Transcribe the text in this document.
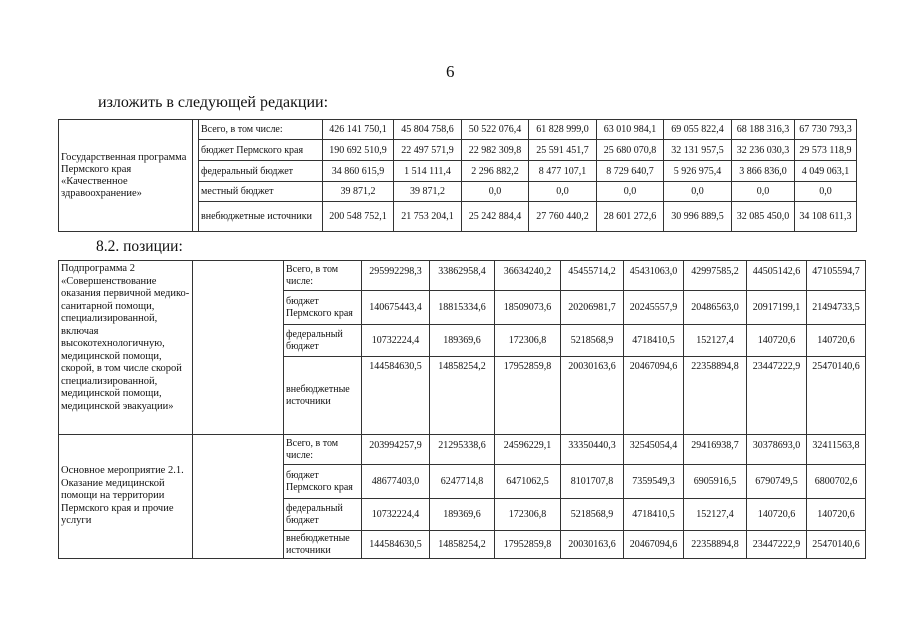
6
изложить в следующей редакции:
Государственная программа Пермского края «Качественное здравоохранение»		Всего, в том числе:	426 141 750,1	45 804 758,6	50 522 076,4	61 828 999,0	63 010 984,1	69 055 822,4	68 188 316,3	67 730 793,3
		бюджет Пермского края	190 692 510,9	22 497 571,9	22 982 309,8	25 591 451,7	25 680 070,8	32 131 957,5	32 236 030,3	29 573 118,9
		федеральный бюджет	34 860 615,9	1 514 111,4	2 296 882,2	8 477 107,1	8 729 640,7	5 926 975,4	3 866 836,0	4 049 063,1
		местный бюджет	39 871,2	39 871,2	0,0	0,0	0,0	0,0	0,0	0,0
		внебюджетные источники	200 548 752,1	21 753 204,1	25 242 884,4	27 760 440,2	28 601 272,6	30 996 889,5	32 085 450,0	34 108 611,3
8.2. позиции:
Подпрограмма 2 «Совершенствование оказания первичной медико-санитарной помощи, специализированной, включая высокотехнологичную, медицинской помощи, скорой, в том числе скорой специализированной, медицинской помощи, медицинской эвакуации»		Всего, в том числе:	295992298,3	33862958,4	36634240,2	45455714,2	45431063,0	42997585,2	44505142,6	47105594,7
		бюджет Пермского края	140675443,4	18815334,6	18509073,6	20206981,7	20245557,9	20486563,0	20917199,1	21494733,5
		федеральный бюджет	10732224,4	189369,6	172306,8	5218568,9	4718410,5	152127,4	140720,6	140720,6
		внебюджетные источники	144584630,5	14858254,2	17952859,8	20030163,6	20467094,6	22358894,8	23447222,9	25470140,6
Основное мероприятие 2.1. Оказание медицинской помощи на территории Пермского края и прочие услуги		Всего, в том числе:	203994257,9	21295338,6	24596229,1	33350440,3	32545054,4	29416938,7	30378693,0	32411563,8
		бюджет Пермского края	48677403,0	6247714,8	6471062,5	8101707,8	7359549,3	6905916,5	6790749,5	6800702,6
		федеральный бюджет	10732224,4	189369,6	172306,8	5218568,9	4718410,5	152127,4	140720,6	140720,6
		внебюджетные источники	144584630,5	14858254,2	17952859,8	20030163,6	20467094,6	22358894,8	23447222,9	25470140,6
